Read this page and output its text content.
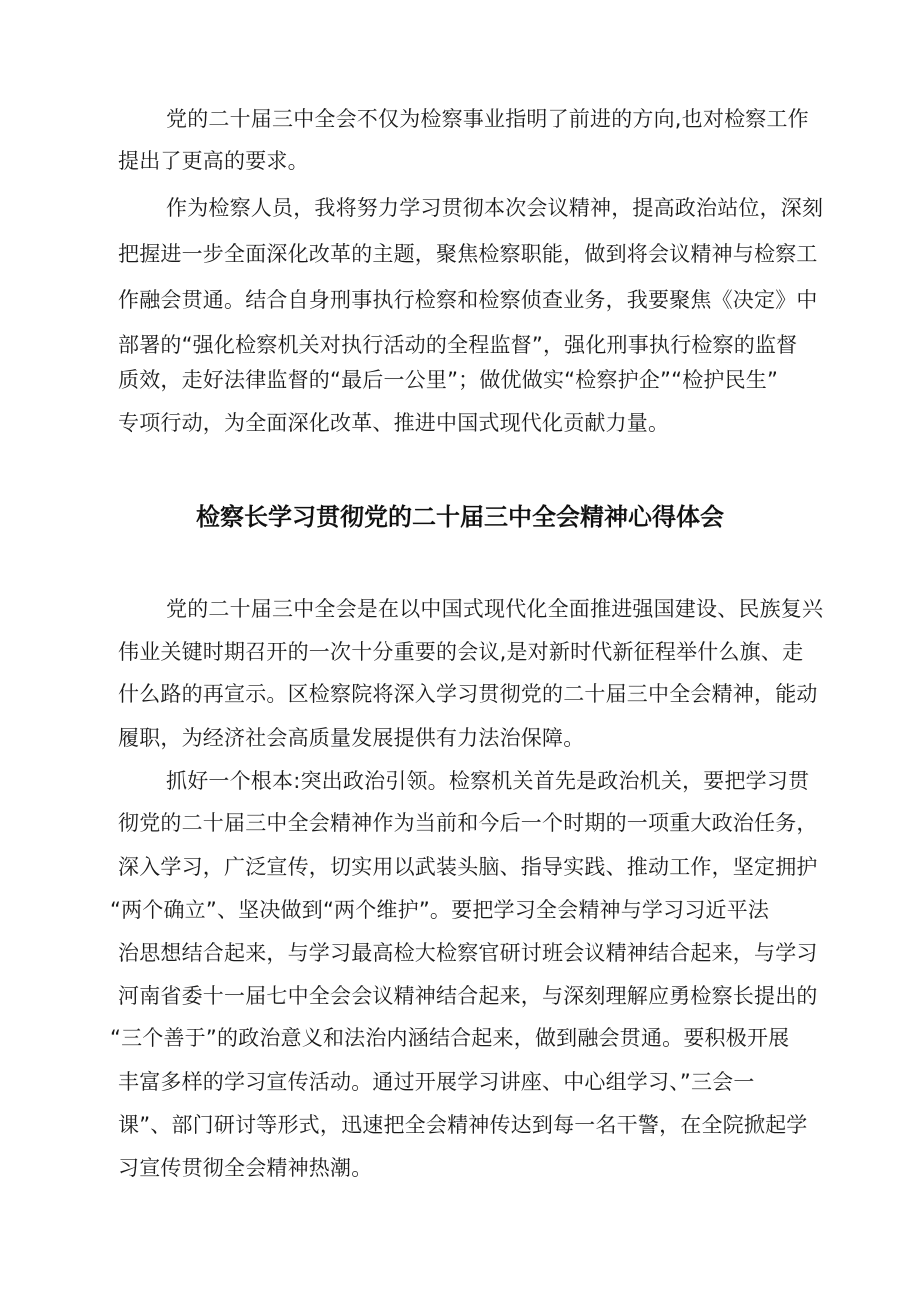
党的二十届三中全会不仅为检察事业指明了前进的方向,也对检察工作
提出了更高的要求。
作为检察人员，我将努力学习贯彻本次会议精神，提高政治站位，深刻
把握进一步全面深化改革的主题，聚焦检察职能，做到将会议精神与检察工
作融会贯通。结合自身刑事执行检察和检察侦查业务，我要聚焦《决定》中
部署的“强化检察机关对执行活动的全程监督”，强化刑事执行检察的监督
质效，走好法律监督的“最后一公里”；做优做实“检察护企”“检护民生”
专项行动，为全面深化改革、推进中国式现代化贡献力量。
检察长学习贯彻党的二十届三中全会精神心得体会
党的二十届三中全会是在以中国式现代化全面推进强国建设、民族复兴
伟业关键时期召开的一次十分重要的会议,是对新时代新征程举什么旗、走
什么路的再宣示。区检察院将深入学习贯彻党的二十届三中全会精神，能动
履职，为经济社会高质量发展提供有力法治保障。
抓好一个根本:突出政治引领。检察机关首先是政治机关，要把学习贯
彻党的二十届三中全会精神作为当前和今后一个时期的一项重大政治任务，
深入学习，广泛宣传，切实用以武装头脑、指导实践、推动工作，坚定拥护
“两个确立”、坚决做到“两个维护”。要把学习全会精神与学习习近平法
治思想结合起来，与学习最高检大检察官研讨班会议精神结合起来，与学习
河南省委十一届七中全会会议精神结合起来，与深刻理解应勇检察长提出的
“三个善于”的政治意义和法治内涵结合起来，做到融会贯通。要积极开展
丰富多样的学习宣传活动。通过开展学习讲座、中心组学习、”三会一
课”、部门研讨等形式，迅速把全会精神传达到每一名干警，在全院掀起学
习宣传贯彻全会精神热潮。
